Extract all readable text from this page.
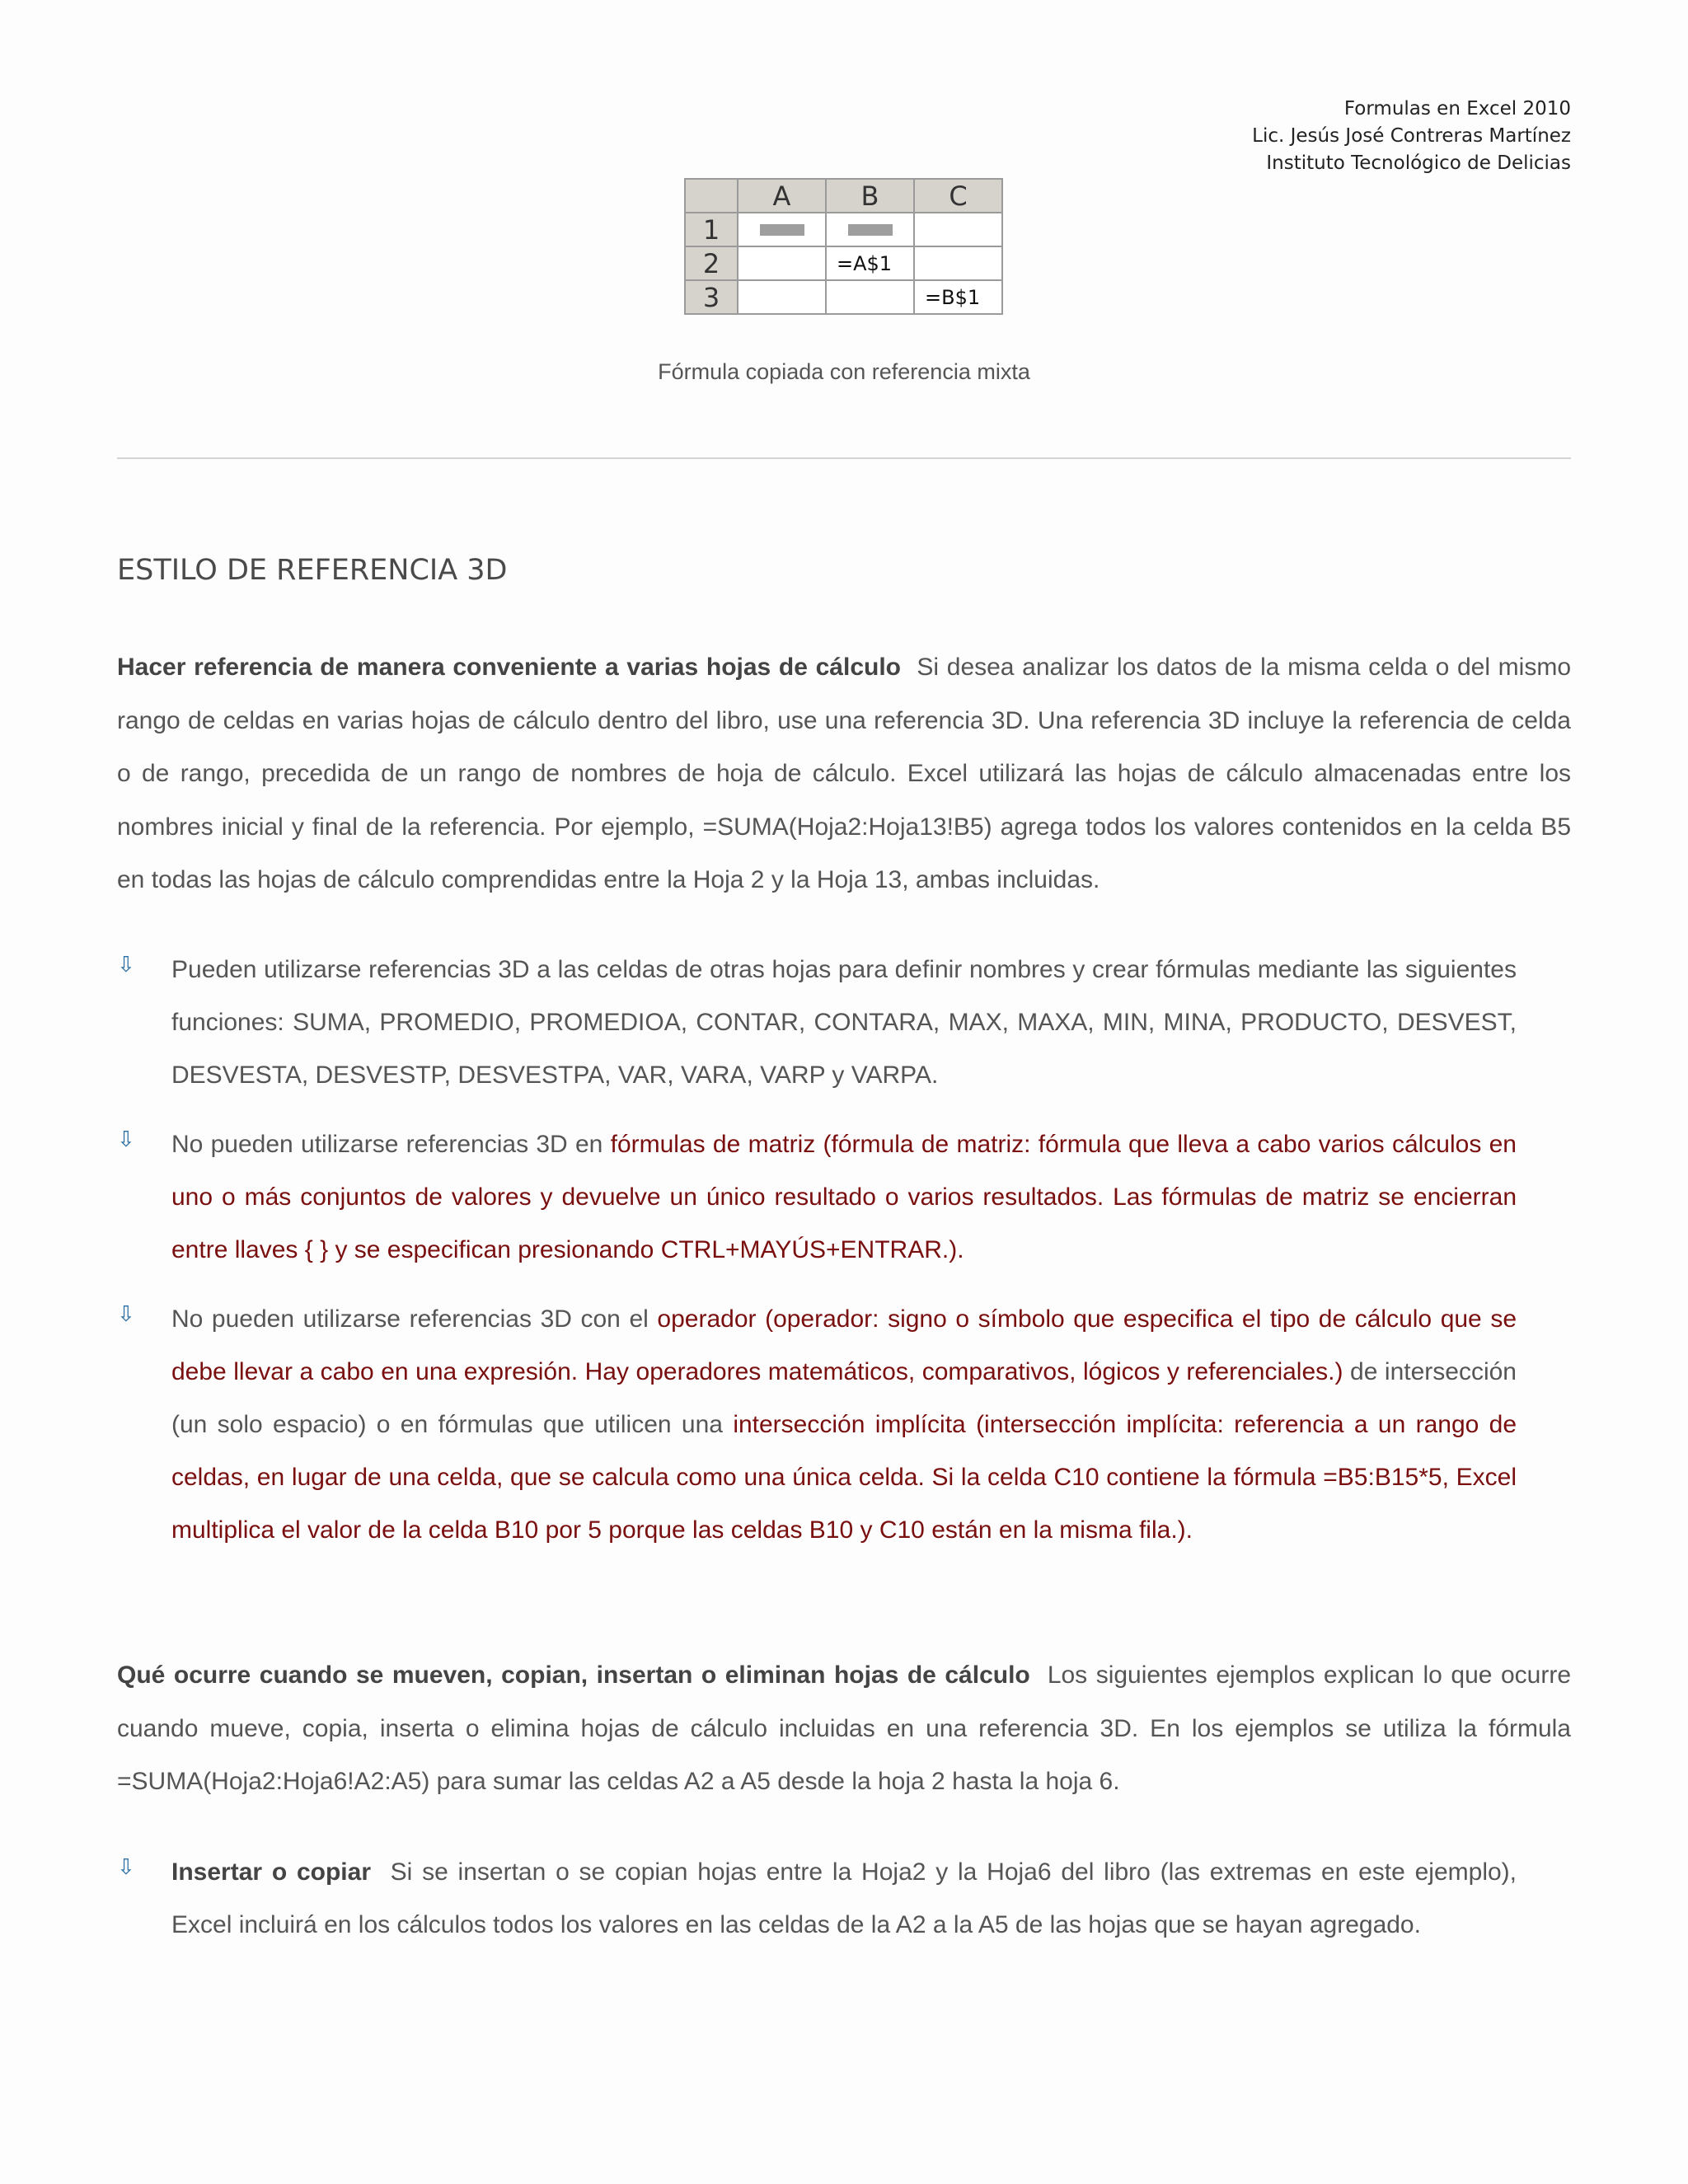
Formulas en Excel 2010
Lic. Jesús José Contreras Martínez
Instituto Tecnológico de Delicias
	A	B	C
1	

2		=A$1	
3			=B$1
Fórmula copiada con referencia mixta
ESTILO DE REFERENCIA 3D
Hacer referencia de manera conveniente a varias hojas de cálculo Si desea analizar los datos de la misma celda o del mismo rango de celdas en varias hojas de cálculo dentro del libro, use una referencia 3D. Una referencia 3D incluye la referencia de celda o de rango, precedida de un rango de nombres de hoja de cálculo. Excel utilizará las hojas de cálculo almacenadas entre los nombres inicial y final de la referencia. Por ejemplo, =SUMA(Hoja2:Hoja13!B5) agrega todos los valores contenidos en la celda B5 en todas las hojas de cálculo comprendidas entre la Hoja 2 y la Hoja 13, ambas incluidas.
⇩ Pueden utilizarse referencias 3D a las celdas de otras hojas para definir nombres y crear fórmulas mediante las siguientes funciones: SUMA, PROMEDIO, PROMEDIOA, CONTAR, CONTARA, MAX, MAXA, MIN, MINA, PRODUCTO, DESVEST, DESVESTA, DESVESTP, DESVESTPA, VAR, VARA, VARP y VARPA.
⇩ No pueden utilizarse referencias 3D en fórmulas de matriz (fórmula de matriz: fórmula que lleva a cabo varios cálculos en uno o más conjuntos de valores y devuelve un único resultado o varios resultados. Las fórmulas de matriz se encierran entre llaves { } y se especifican presionando CTRL+MAYÚS+ENTRAR.).
⇩ No pueden utilizarse referencias 3D con el operador (operador: signo o símbolo que especifica el tipo de cálculo que se debe llevar a cabo en una expresión. Hay operadores matemáticos, comparativos, lógicos y referenciales.) de intersección (un solo espacio) o en fórmulas que utilicen una intersección implícita (intersección implícita: referencia a un rango de celdas, en lugar de una celda, que se calcula como una única celda. Si la celda C10 contiene la fórmula =B5:B15*5, Excel multiplica el valor de la celda B10 por 5 porque las celdas B10 y C10 están en la misma fila.).
Qué ocurre cuando se mueven, copian, insertan o eliminan hojas de cálculo Los siguientes ejemplos explican lo que ocurre cuando mueve, copia, inserta o elimina hojas de cálculo incluidas en una referencia 3D. En los ejemplos se utiliza la fórmula =SUMA(Hoja2:Hoja6!A2:A5) para sumar las celdas A2 a A5 desde la hoja 2 hasta la hoja 6.
⇩ Insertar o copiar Si se insertan o se copian hojas entre la Hoja2 y la Hoja6 del libro (las extremas en este ejemplo), Excel incluirá en los cálculos todos los valores en las celdas de la A2 a la A5 de las hojas que se hayan agregado.
